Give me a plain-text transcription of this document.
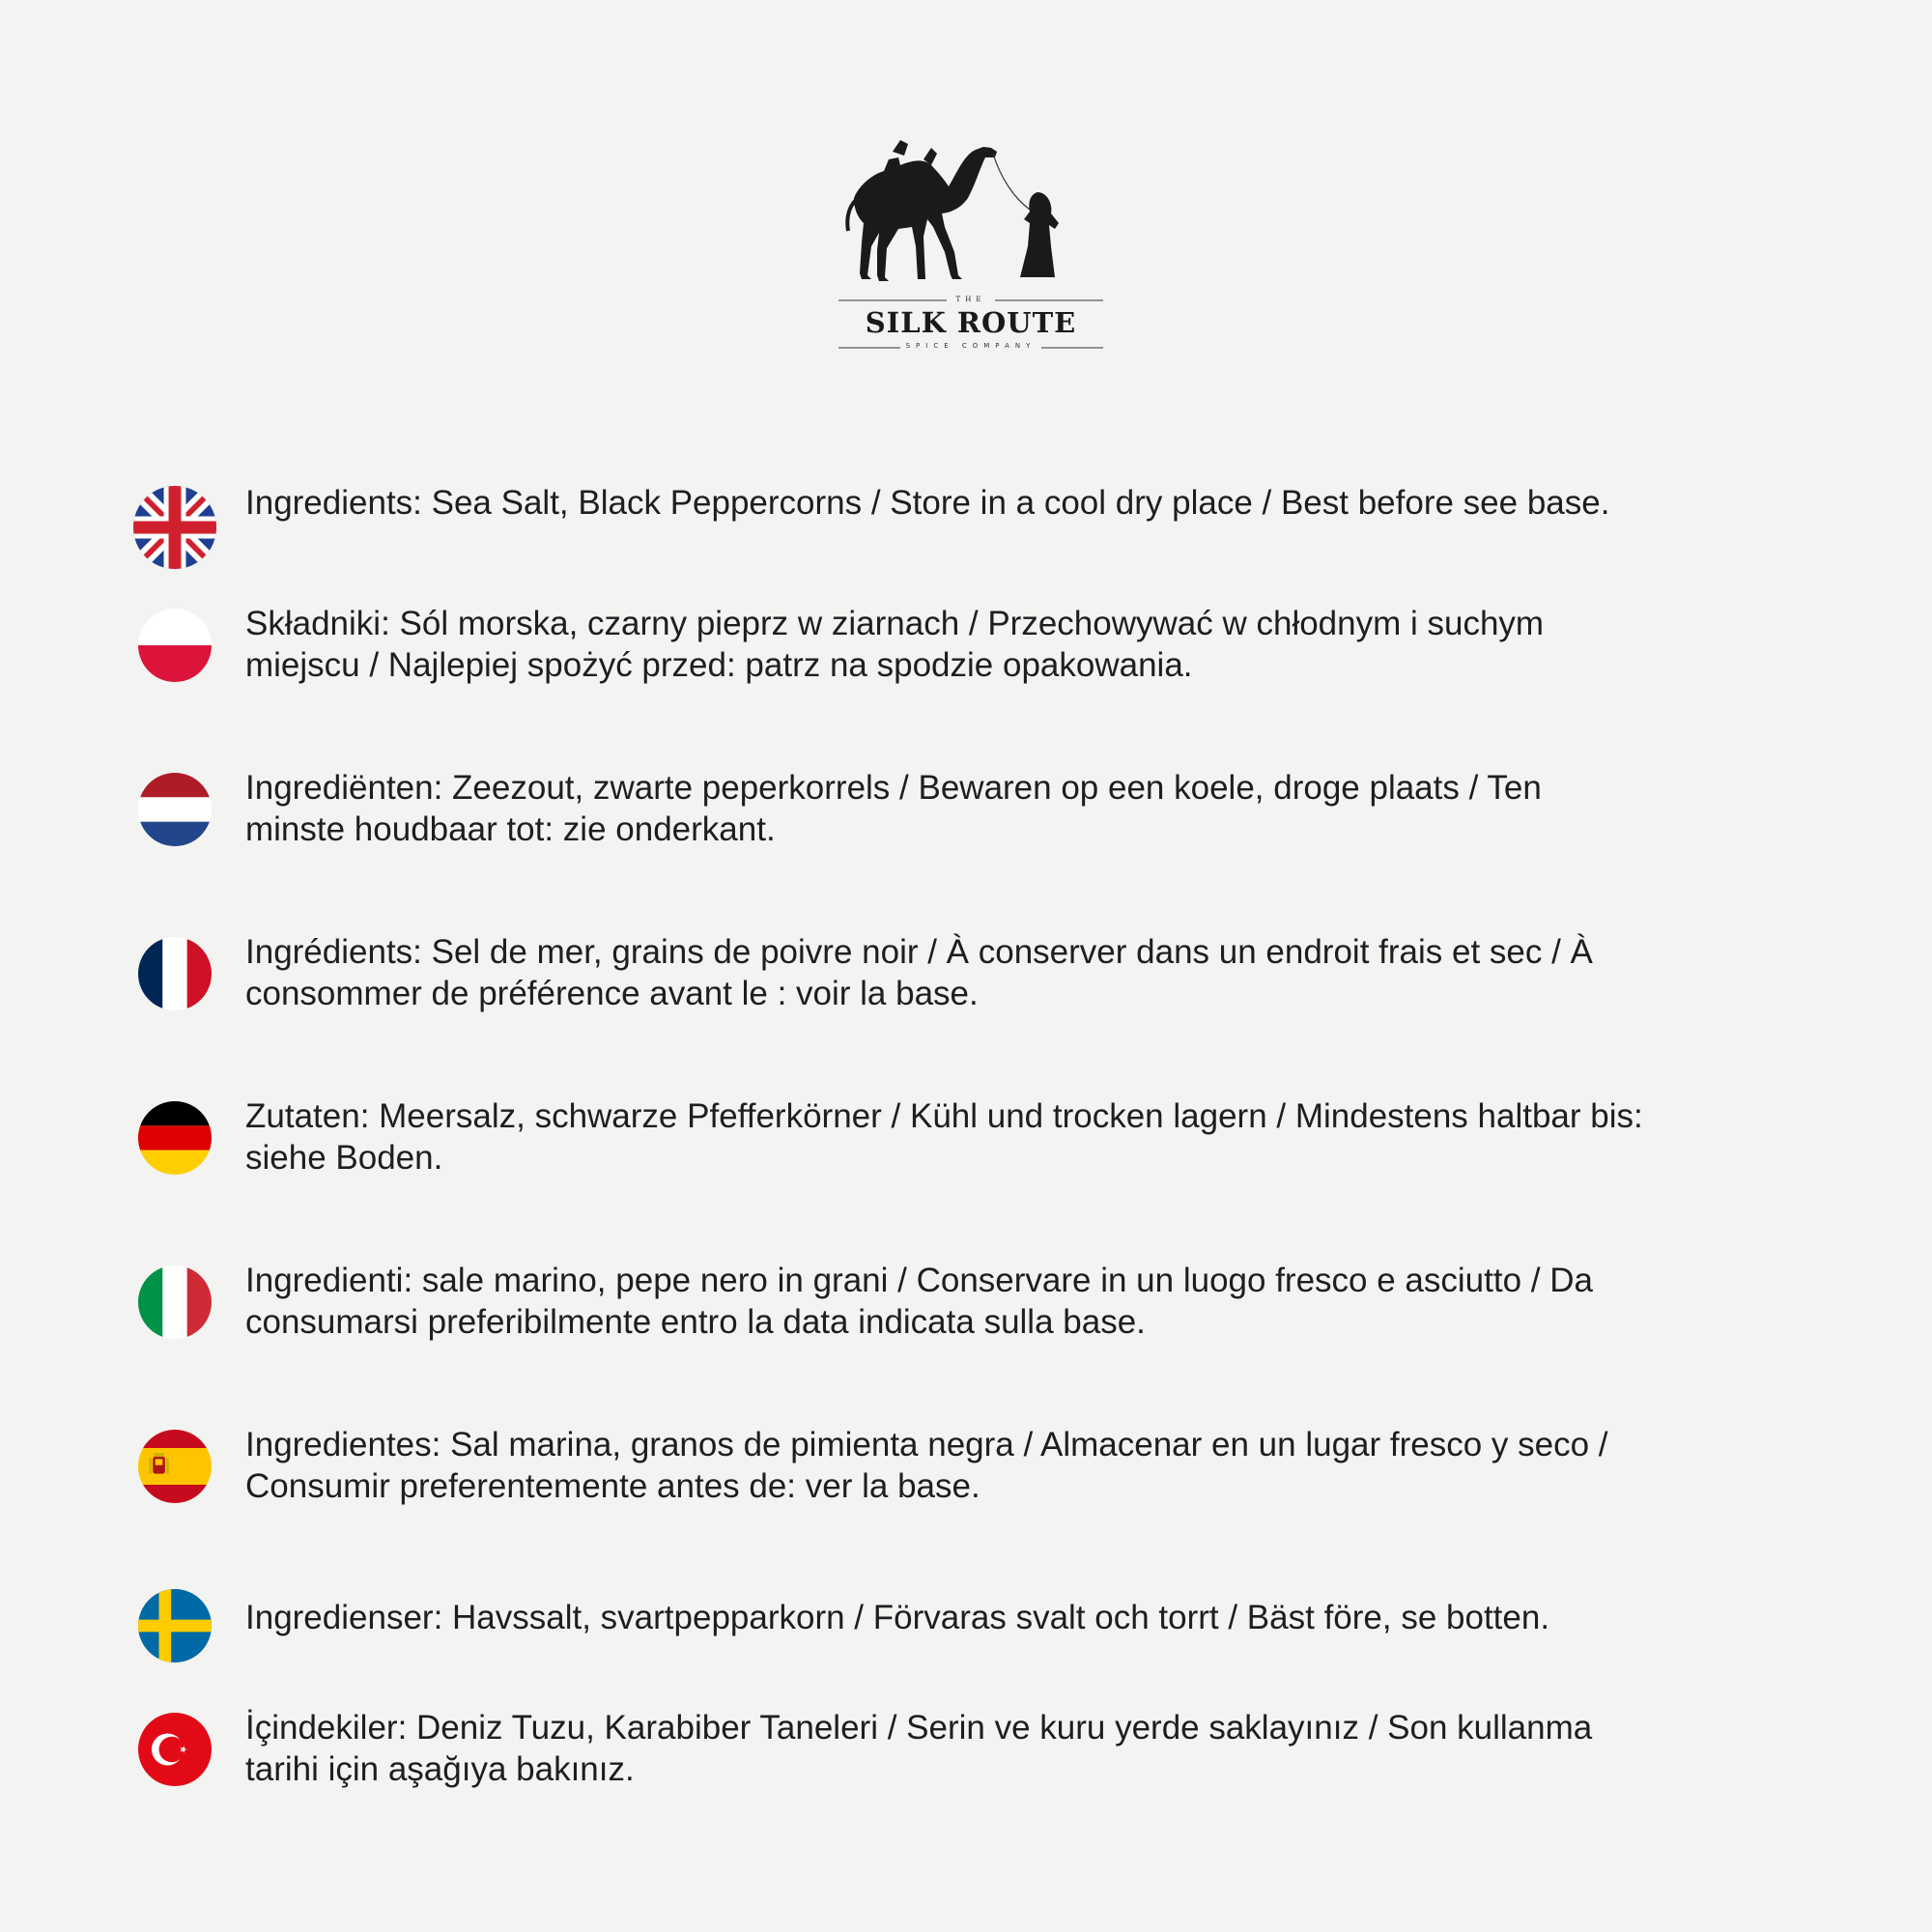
THE
SILK ROUTE
SPICE COMPANY
Ingredients: Sea Salt, Black Peppercorns / Store in a cool dry place / Best before see base.
Składniki: Sól morska, czarny pieprz w ziarnach / Przechowywać w chłodnym i suchym
miejscu / Najlepiej spożyć przed: patrz na spodzie opakowania.
Ingrediënten: Zeezout, zwarte peperkorrels / Bewaren op een koele, droge plaats / Ten
minste houdbaar tot: zie onderkant.
Ingrédients: Sel de mer, grains de poivre noir / À conserver dans un endroit frais et sec / À
consommer de préférence avant le : voir la base.
Zutaten: Meersalz, schwarze Pfefferkörner / Kühl und trocken lagern / Mindestens haltbar bis:
siehe Boden.
Ingredienti: sale marino, pepe nero in grani / Conservare in un luogo fresco e asciutto / Da
consumarsi preferibilmente entro la data indicata sulla base.
Ingredientes: Sal marina, granos de pimienta negra / Almacenar en un lugar fresco y seco /
Consumir preferentemente antes de: ver la base.
Ingredienser: Havssalt, svartpepparkorn / Förvaras svalt och torrt / Bäst före, se botten.
İçindekiler: Deniz Tuzu, Karabiber Taneleri / Serin ve kuru yerde saklayınız / Son kullanma
tarihi için aşağıya bakınız.
